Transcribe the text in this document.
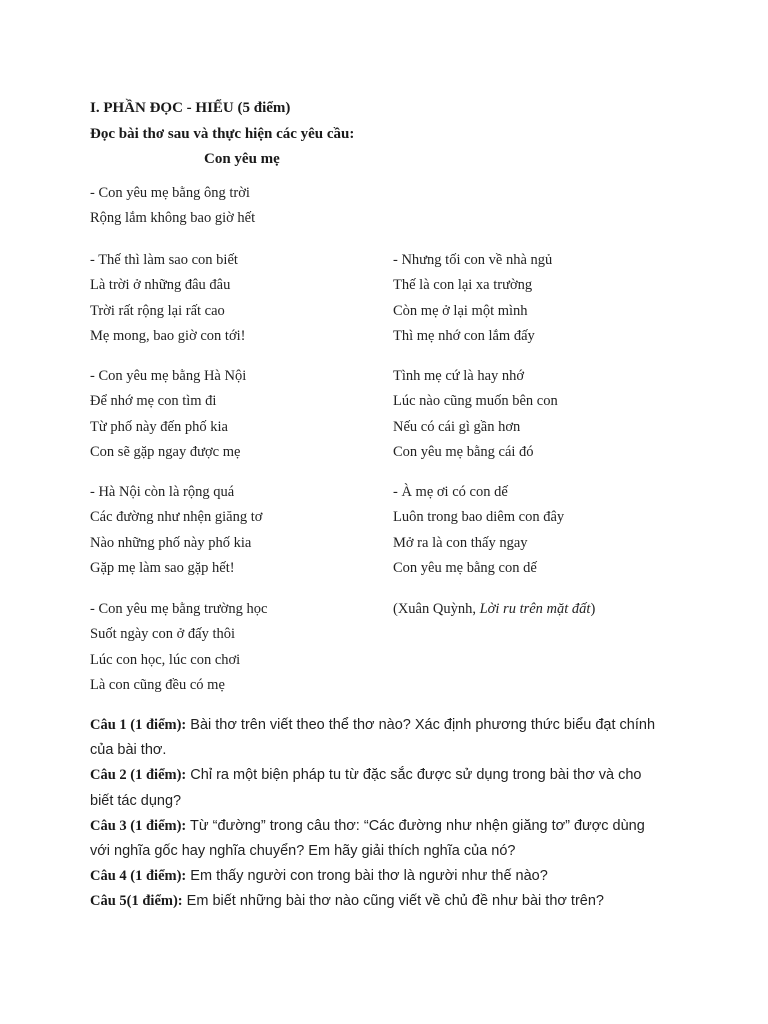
I. PHẦN ĐỌC - HIỂU (5 điểm)
Đọc bài thơ sau và thực hiện các yêu cầu:
Con yêu mẹ
- Con yêu mẹ bằng ông trời
Rộng lắm không bao giờ hết
- Thế thì làm sao con biết
Là trời ở những đâu đâu
Trời rất rộng lại rất cao
Mẹ mong, bao giờ con tới!
- Con yêu mẹ bằng Hà Nội
Để nhớ mẹ con tìm đi
Từ phố này đến phố kia
Con sẽ gặp ngay được mẹ
- Hà Nội còn là rộng quá
Các đường như nhện giăng tơ
Nào những phố này phố kia
Gặp mẹ làm sao gặp hết!
- Con yêu mẹ bằng trường học
Suốt ngày con ở đấy thôi
Lúc con học, lúc con chơi
Là con cũng đều có mẹ
- Nhưng tối con về nhà ngủ
Thế là con lại xa trường
Còn mẹ ở lại một mình
Thì mẹ nhớ con lắm đấy
Tình mẹ cứ là hay nhớ
Lúc nào cũng muốn bên con
Nếu có cái gì gần hơn
Con yêu mẹ bằng cái đó
- À mẹ ơi có con dế
Luôn trong bao diêm con đây
Mở ra là con thấy ngay
Con yêu mẹ bằng con dế
(Xuân Quỳnh, Lời ru trên mặt đất)
Câu 1 (1 điểm): Bài thơ trên viết theo thể thơ nào? Xác định phương thức biểu đạt chính
của bài thơ.
Câu 2 (1 điểm): Chỉ ra một biện pháp tu từ đặc sắc được sử dụng trong bài thơ và cho
biết tác dụng?
Câu 3 (1 điểm): Từ “đường” trong câu thơ: “Các đường như nhện giăng tơ” được dùng
với nghĩa gốc hay nghĩa chuyển? Em hãy giải thích nghĩa của nó?
Câu 4 (1 điểm): Em thấy người con trong bài thơ là người như thế nào?
Câu 5(1 điểm): Em biết những bài thơ nào cũng viết về chủ đề như bài thơ trên?
